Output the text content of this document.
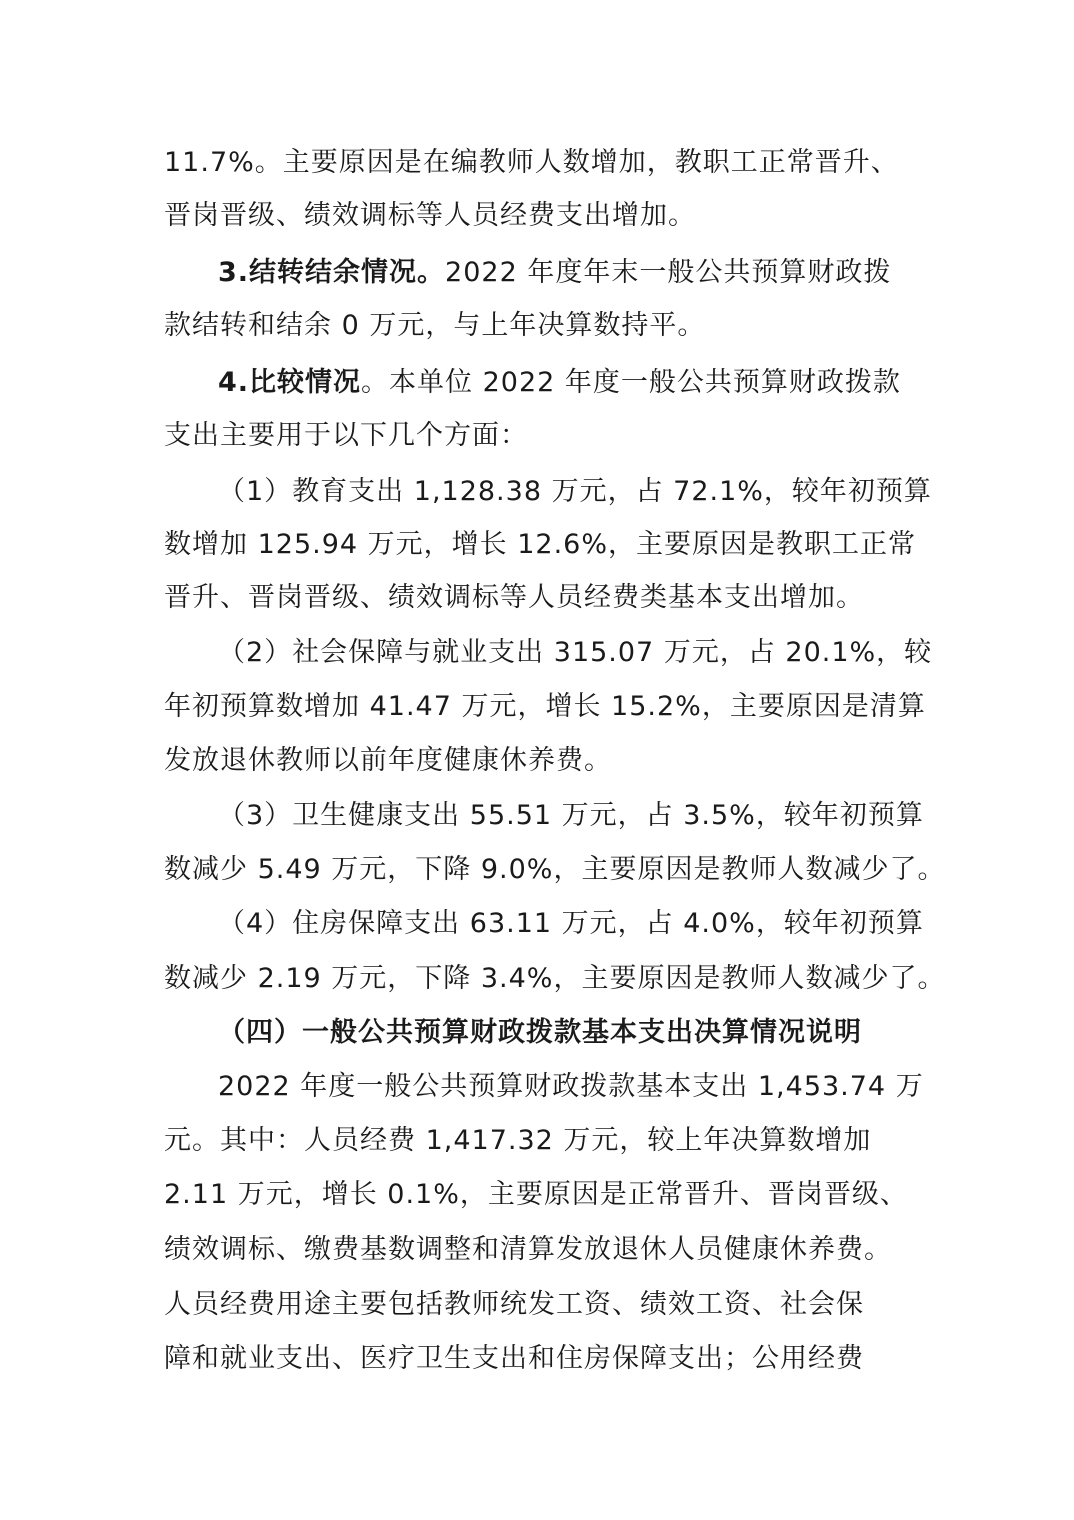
11.7%。主要原因是在编教师人数增加，教职工正常晋升、
晋岗晋级、绩效调标等人员经费支出增加。
3.结转结余情况。2022 年度年末一般公共预算财政拨
款结转和结余 0 万元，与上年决算数持平。
4.比较情况。本单位 2022 年度一般公共预算财政拨款
支出主要用于以下几个方面：
（1）教育支出 1,128.38 万元，占 72.1%，较年初预算
数增加 125.94 万元，增长 12.6%，主要原因是教职工正常
晋升、晋岗晋级、绩效调标等人员经费类基本支出增加。
（2）社会保障与就业支出 315.07 万元，占 20.1%，较
年初预算数增加 41.47 万元，增长 15.2%，主要原因是清算
发放退休教师以前年度健康休养费。
（3）卫生健康支出 55.51 万元，占 3.5%，较年初预算
数减少 5.49 万元，下降 9.0%，主要原因是教师人数减少了。
（4）住房保障支出 63.11 万元，占 4.0%，较年初预算
数减少 2.19 万元，下降 3.4%，主要原因是教师人数减少了。
（四）一般公共预算财政拨款基本支出决算情况说明
2022 年度一般公共预算财政拨款基本支出 1,453.74 万
元。其中：人员经费 1,417.32 万元，较上年决算数增加
2.11 万元，增长 0.1%，主要原因是正常晋升、晋岗晋级、
绩效调标、缴费基数调整和清算发放退休人员健康休养费。
人员经费用途主要包括教师统发工资、绩效工资、社会保
障和就业支出、医疗卫生支出和住房保障支出；公用经费
